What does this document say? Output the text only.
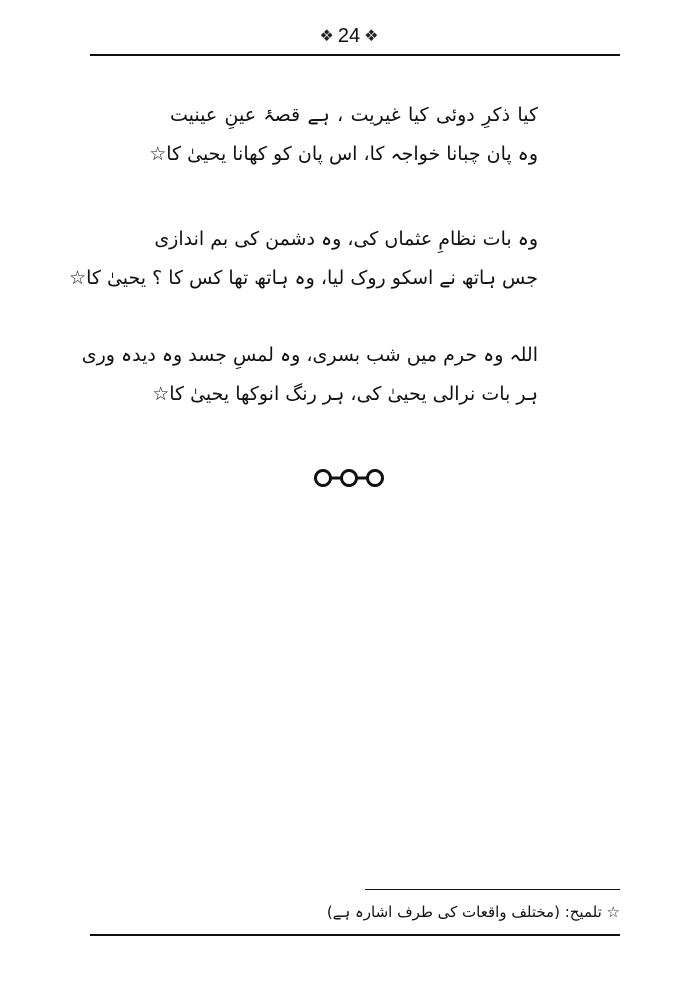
❖ 24 ❖
کیا ذکرِ دوئی کیا غیریت ، ہے قصۂ عینِ عینیت
وہ پان چبانا خواجہ کا، اس پان کو کھانا یحییٰ کا☆
وہ بات نظامِ عثماں کی، وہ دشمن کی بم اندازی
جس ہاتھ نے اسکو روک لیا، وہ ہاتھ تھا کس کا ؟ یحییٰ کا☆
اللہ وہ حرم میں شب بسری، وہ لمسِ جسد وہ دیدہ وری
ہر بات نرالی یحییٰ کی، ہر رنگ انوکھا یحییٰ کا☆
☆ تلمیح: (مختلف واقعات کی طرف اشارہ ہے)
